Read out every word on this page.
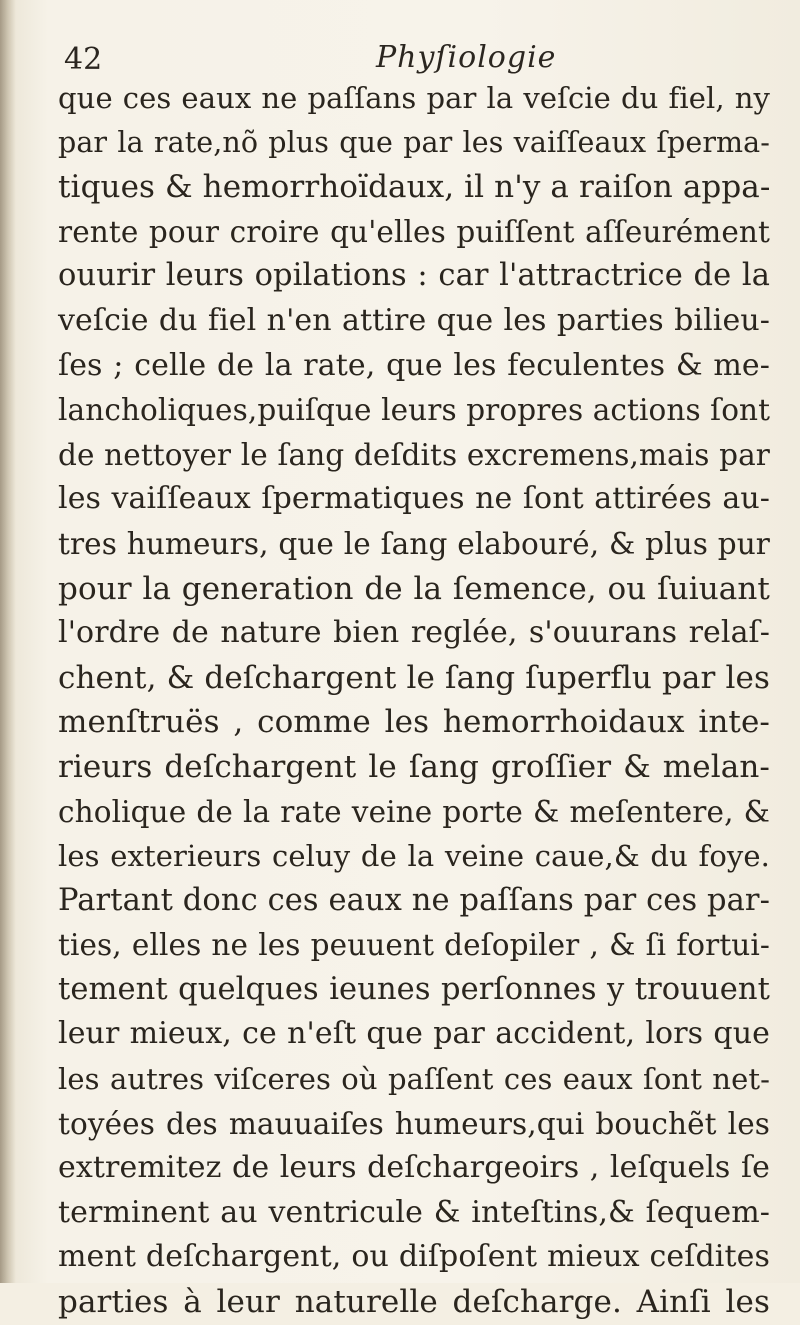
42	Phyſiologie
que ces eaux ne paſſans par la veſcie du fiel, ny
par la rate,nõ plus que par les vaiſſeaux ſperma-
tiques & hemorrhoïdaux, il n'y a raiſon appa-
rente pour croire qu'elles puiſſent aſſeurément
ouurir leurs opilations : car l'attractrice de la
veſcie du fiel n'en attire que les parties bilieu-
ſes ; celle de la rate, que les feculentes & me-
lancholiques,puiſque leurs propres actions ſont
de nettoyer le ſang deſdits excremens,mais par
les vaiſſeaux ſpermatiques ne ſont attirées au-
tres humeurs, que le ſang elabouré, & plus pur
pour la generation de la ſemence, ou ſuiuant
l'ordre de nature bien reglée, s'ouurans relaſ-
chent, & deſchargent le ſang ſuperflu par les
menſtruës , comme les hemorrhoidaux inte-
rieurs deſchargent le ſang groſſier & melan-
cholique de la rate veine porte & meſentere, &
les exterieurs celuy de la veine caue,& du foye.
Partant donc ces eaux ne paſſans par ces par-
ties, elles ne les peuuent deſopiler , & ſi fortui-
tement quelques ieunes perſonnes y trouuent
leur mieux, ce n'eſt que par accident, lors que
les autres viſceres où paſſent ces eaux ſont net-
toyées des mauuaiſes humeurs,qui bouchẽt les
extremitez de leurs deſchargeoirs , leſquels ſe
terminent au ventricule & inteſtins,& ſequem-
ment deſchargent, ou diſpoſent mieux ceſdites
parties à leur naturelle deſcharge. Ainſi les
